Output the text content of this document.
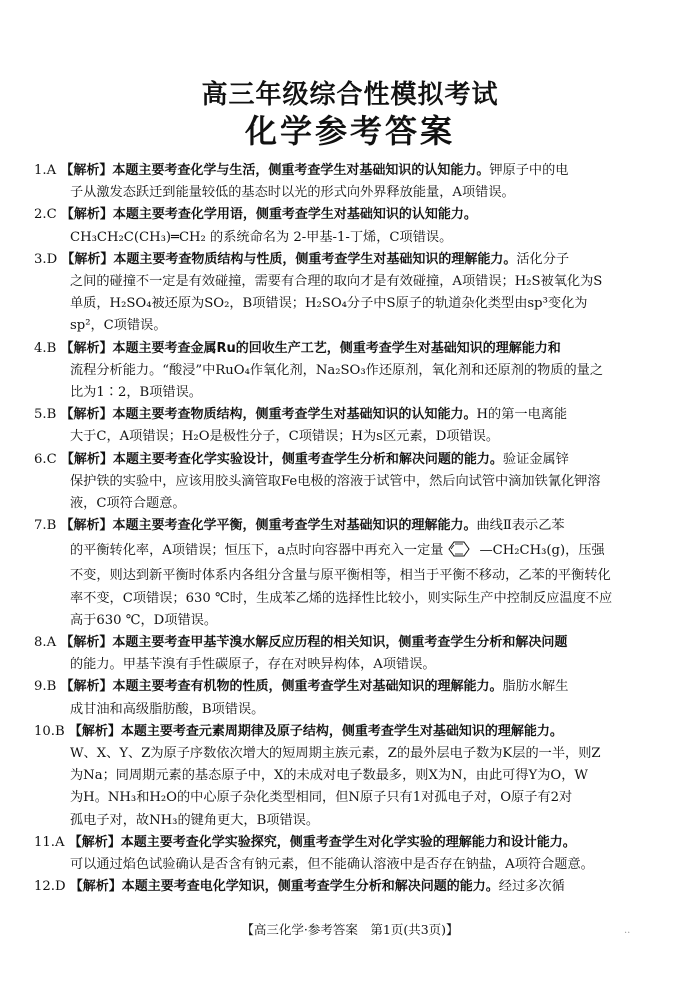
高三年级综合性模拟考试
化学参考答案
1.A 【解析】本题主要考查化学与生活，侧重考查学生对基础知识的认知能力。钾原子中的电
子从激发态跃迁到能量较低的基态时以光的形式向外界释放能量，A项错误。
2.C 【解析】本题主要考查化学用语，侧重考查学生对基础知识的认知能力。
CH₃CH₂C(CH₃)═CH₂ 的系统命名为 2-甲基-1-丁烯，C项错误。
3.D 【解析】本题主要考查物质结构与性质，侧重考查学生对基础知识的理解能力。活化分子
之间的碰撞不一定是有效碰撞，需要有合理的取向才是有效碰撞，A项错误；H₂S被氧化为S
单质，H₂SO₄被还原为SO₂，B项错误；H₂SO₄分子中S原子的轨道杂化类型由sp³变化为
sp²，C项错误。
4.B 【解析】本题主要考查金属Ru的回收生产工艺，侧重考查学生对基础知识的理解能力和
流程分析能力。“酸浸”中RuO₄作氧化剂，Na₂SO₃作还原剂，氧化剂和还原剂的物质的量之
比为1∶2，B项错误。
5.B 【解析】本题主要考查物质结构，侧重考查学生对基础知识的认知能力。H的第一电离能
大于C，A项错误；H₂O是极性分子，C项错误；H为s区元素，D项错误。
6.C 【解析】本题主要考查化学实验设计，侧重考查学生分析和解决问题的能力。验证金属锌
保护铁的实验中，应该用胶头滴管取Fe电极的溶液于试管中，然后向试管中滴加铁氰化钾溶
液，C项符合题意。
7.B 【解析】本题主要考查化学平衡，侧重考查学生对基础知识的理解能力。曲线Ⅱ表示乙苯
的平衡转化率，A项错误；恒压下，a点时向容器中再充入一定量	—CH₂CH₃(g)，压强
不变，则达到新平衡时体系内各组分含量与原平衡相等，相当于平衡不移动，乙苯的平衡转化
率不变，C项错误；630 ℃时，生成苯乙烯的选择性比较小，则实际生产中控制反应温度不应
高于630 ℃，D项错误。
8.A 【解析】本题主要考查甲基苄溴水解反应历程的相关知识，侧重考查学生分析和解决问题
的能力。甲基苄溴有手性碳原子，存在对映异构体，A项错误。
9.B 【解析】本题主要考查有机物的性质，侧重考查学生对基础知识的理解能力。脂肪水解生
成甘油和高级脂肪酸，B项错误。
10.B 【解析】本题主要考查元素周期律及原子结构，侧重考查学生对基础知识的理解能力。
W、X、Y、Z为原子序数依次增大的短周期主族元素，Z的最外层电子数为K层的一半，则Z
为Na；同周期元素的基态原子中，X的未成对电子数最多，则X为N，由此可得Y为O，W
为H。NH₃和H₂O的中心原子杂化类型相同，但N原子只有1对孤电子对，O原子有2对
孤电子对，故NH₃的键角更大，B项错误。
11.A 【解析】本题主要考查化学实验探究，侧重考查学生对化学实验的理解能力和设计能力。
可以通过焰色试验确认是否含有钠元素，但不能确认溶液中是否存在钠盐，A项符合题意。
12.D 【解析】本题主要考查电化学知识，侧重考查学生分析和解决问题的能力。经过多次循
【高三化学·参考答案　第1页(共3页)】	..
